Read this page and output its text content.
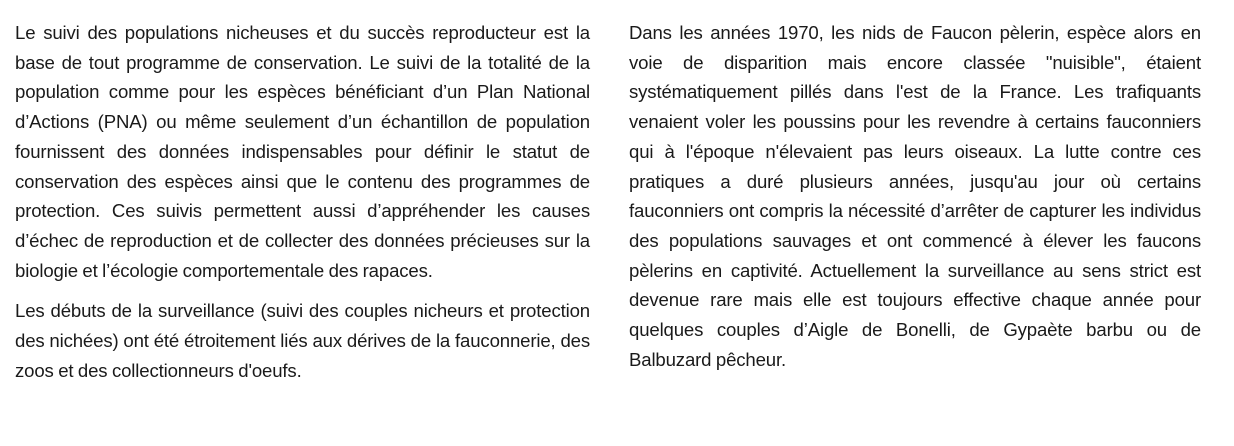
Le suivi des populations nicheuses et du succès reproducteur est la base de tout programme de conservation. Le suivi de la totalité de la population comme pour les espèces bénéficiant d’un Plan National d’Actions (PNA) ou même seulement d’un échantillon de population fournissent des données indispensables pour définir le statut de conservation des espèces ainsi que le contenu des programmes de protection. Ces suivis permettent aussi d’appréhender les causes d’échec de reproduction et de collecter des données précieuses sur la biologie et l’écologie comportementale des rapaces.

Les débuts de la surveillance (suivi des couples nicheurs et protection des nichées) ont été étroitement liés aux dérives de la fauconnerie, des zoos et des collectionneurs d'oeufs.

Dans les années 1970, les nids de Faucon pèlerin, espèce alors en voie de disparition mais encore classée "nuisible", étaient systématiquement pillés dans l'est de la France. Les trafiquants venaient voler les poussins pour les revendre à certains fauconniers qui à l'époque n'élevaient pas leurs oiseaux. La lutte contre ces pratiques a duré plusieurs années, jusqu'au jour où certains fauconniers ont compris la nécessité d’arrêter de capturer les individus des populations sauvages et ont commencé à élever les faucons pèlerins en captivité. Actuellement la surveillance au sens strict est devenue rare mais elle est toujours effective chaque année pour quelques couples d’Aigle de Bonelli, de Gypaète barbu ou de Balbuzard pêcheur.
